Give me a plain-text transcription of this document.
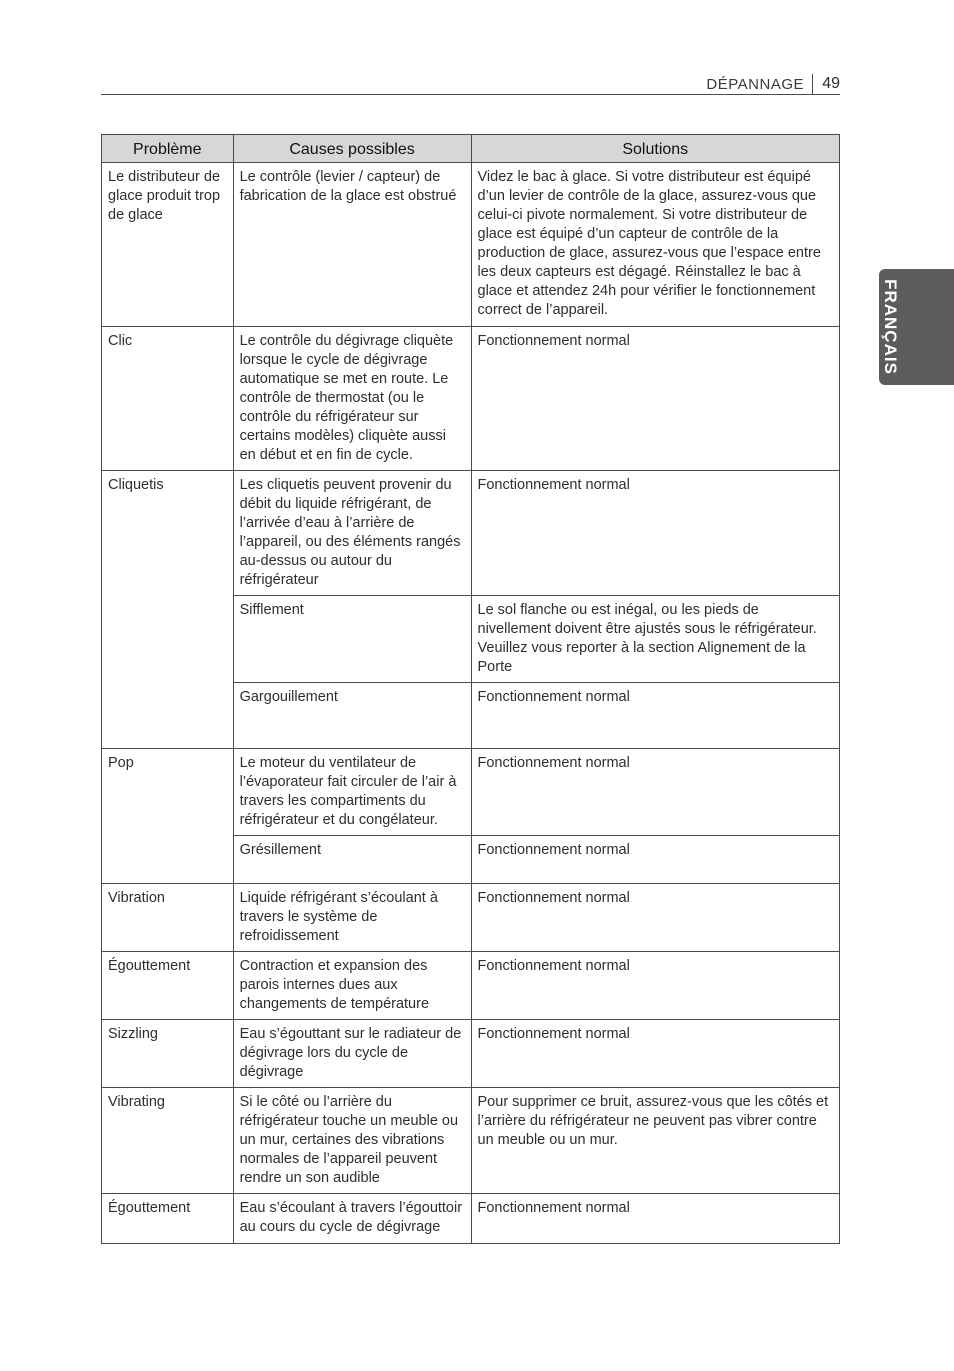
DÉPANNAGE 49
FRANÇAIS
Problème	Causes possibles	Solutions
Le distributeur de glace produit trop de glace	Le contrôle (levier / capteur) de fabrication de la glace est obstrué	Videz le bac à glace. Si votre distributeur est équipé d’un levier de contrôle de la glace, assurez-vous que celui-ci pivote normalement. Si votre distributeur de glace est équipé d’un capteur de contrôle de la production de glace, assurez-vous que l’espace entre les deux capteurs est dégagé. Réinstallez le bac à glace et attendez 24h pour vérifier le fonctionnement correct de l’appareil.
Clic	Le contrôle du dégivrage cliquète lorsque le cycle de dégivrage automatique se met en route. Le contrôle de thermostat (ou le contrôle du réfrigérateur sur certains modèles) cliquète aussi en début et en fin de cycle.	Fonctionnement normal
Cliquetis	Les cliquetis peuvent provenir du débit du liquide réfrigérant, de l’arrivée d’eau à l’arrière de l’appareil, ou des éléments rangés au-dessus ou autour du réfrigérateur	Fonctionnement normal
	Sifflement	Le sol flanche ou est inégal, ou les pieds de nivellement doivent être ajustés sous le réfrigérateur. Veuillez vous reporter à la section Alignement de la Porte
	Gargouillement	Fonctionnement normal
Pop	Le moteur du ventilateur de l’évaporateur fait circuler de l’air à travers les compartiments du réfrigérateur et du congélateur.	Fonctionnement normal
	Grésillement	Fonctionnement normal
Vibration	Liquide réfrigérant s’écoulant à travers le système de refroidissement	Fonctionnement normal
Égouttement	Contraction et expansion des parois internes dues aux changements de température	Fonctionnement normal
Sizzling	Eau s’égouttant sur le radiateur de dégivrage lors du cycle de dégivrage	Fonctionnement normal
Vibrating	Si le côté ou l’arrière du réfrigérateur touche un meuble ou un mur, certaines des vibrations normales de l’appareil peuvent rendre un son audible	Pour supprimer ce bruit, assurez-vous que les côtés et l’arrière du réfrigérateur ne peuvent pas vibrer contre un meuble ou un mur.
Égouttement	Eau s’écoulant à travers l’égouttoir au cours du cycle de dégivrage	Fonctionnement normal
